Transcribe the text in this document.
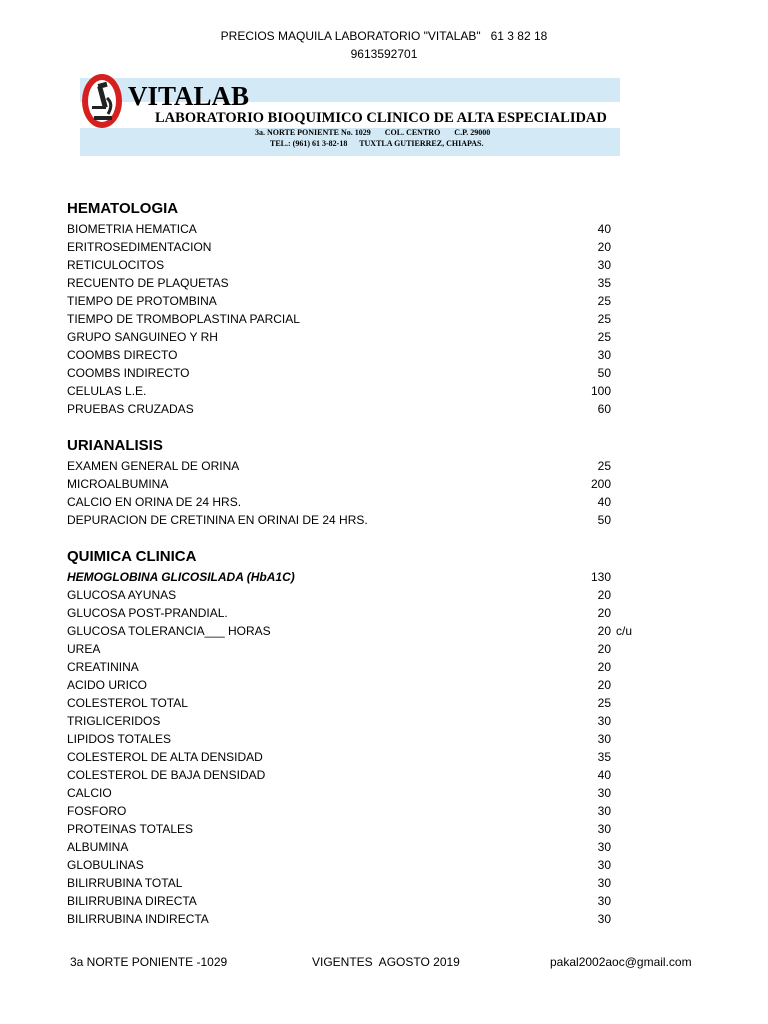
PRECIOS MAQUILA LABORATORIO "VITALAB"   61 3 82 18
9613592701
VITALAB
LABORATORIO BIOQUIMICO CLINICO DE ALTA ESPECIALIDAD
3a. NORTE PONIENTE No. 1029 COL. CENTRO C.P. 29000
TEL.: (961) 61 3-82-18 TUXTLA GUTIERREZ, CHIAPAS.
HEMATOLOGIA
BIOMETRIA HEMATICA	40
ERITROSEDIMENTACION	20
RETICULOCITOS	30
RECUENTO DE PLAQUETAS	35
TIEMPO DE PROTOMBINA	25
TIEMPO DE TROMBOPLASTINA PARCIAL	25
GRUPO SANGUINEO Y RH	25
COOMBS DIRECTO	30
COOMBS INDIRECTO	50
CELULAS L.E.	100
PRUEBAS CRUZADAS	60
URIANALISIS
EXAMEN GENERAL DE ORINA	25
MICROALBUMINA	200
CALCIO EN ORINA DE 24 HRS.	40
DEPURACION DE CRETININA EN ORINAI DE 24 HRS.	50
QUIMICA CLINICA
HEMOGLOBINA GLICOSILADA (HbA1C)	130
GLUCOSA AYUNAS	20
GLUCOSA POST-PRANDIAL.	20
GLUCOSA TOLERANCIA___ HORAS	20 c/u
UREA	20
CREATININA	20
ACIDO URICO	20
COLESTEROL TOTAL	25
TRIGLICERIDOS	30
LIPIDOS TOTALES	30
COLESTEROL DE ALTA DENSIDAD	35
COLESTEROL DE BAJA DENSIDAD	40
CALCIO	30
FOSFORO	30
PROTEINAS TOTALES	30
ALBUMINA	30
GLOBULINAS	30
BILIRRUBINA TOTAL	30
BILIRRUBINA DIRECTA	30
BILIRRUBINA INDIRECTA	30
3a NORTE PONIENTE -1029	VIGENTES  AGOSTO 2019	pakal2002aoc@gmail.com
